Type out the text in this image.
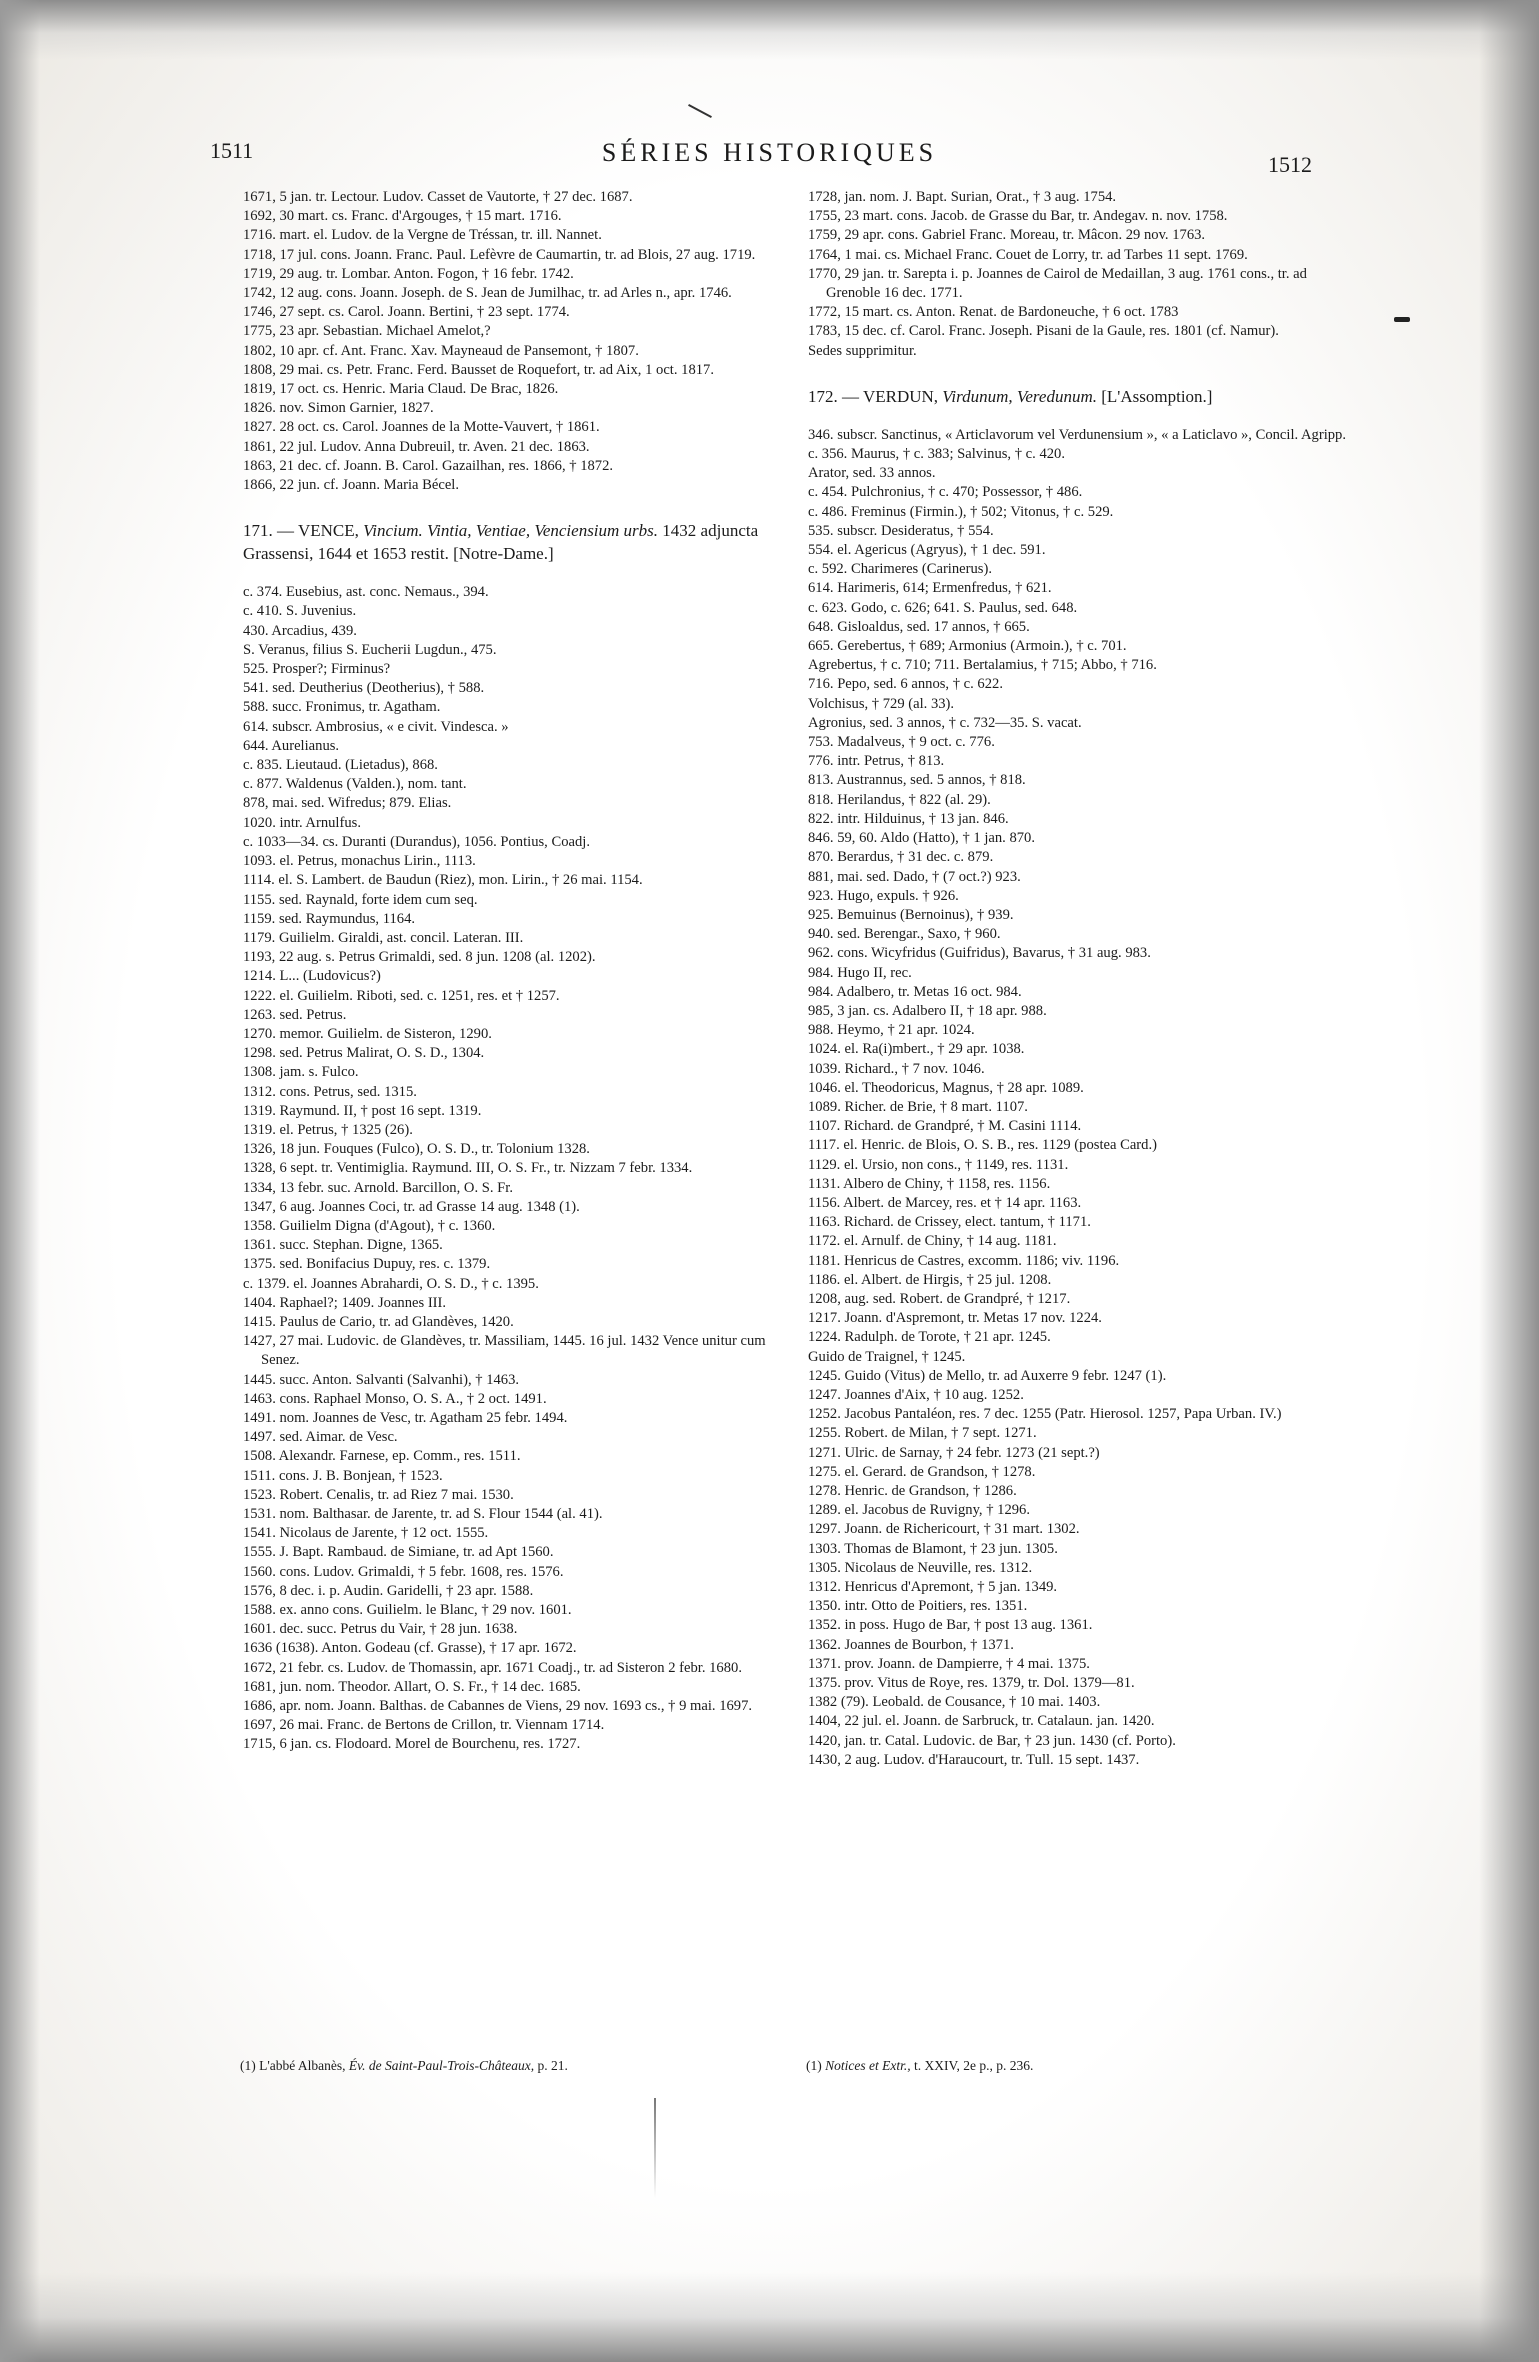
1511	SÉRIES HISTORIQUES	1512

1671, 5 jan. tr. Lectour. Ludov. Casset de Vautorte, † 27 dec. 1687.

1692, 30 mart. cs. Franc. d'Argouges, † 15 mart. 1716.

1716. mart. el. Ludov. de la Vergne de Tréssan, tr. ill. Nannet.

1718, 17 jul. cons. Joann. Franc. Paul. Lefèvre de Caumartin, tr. ad Blois, 27 aug. 1719.

1719, 29 aug. tr. Lombar. Anton. Fogon, † 16 febr. 1742.

1742, 12 aug. cons. Joann. Joseph. de S. Jean de Jumilhac, tr. ad Arles n., apr. 1746.

1746, 27 sept. cs. Carol. Joann. Bertini, † 23 sept. 1774.

1775, 23 apr. Sebastian. Michael Amelot,?

1802, 10 apr. cf. Ant. Franc. Xav. Mayneaud de Pansemont, † 1807.

1808, 29 mai. cs. Petr. Franc. Ferd. Bausset de Roquefort, tr. ad Aix, 1 oct. 1817.

1819, 17 oct. cs. Henric. Maria Claud. De Brac, 1826.

1826. nov. Simon Garnier, 1827.

1827. 28 oct. cs. Carol. Joannes de la Motte-Vauvert, † 1861.

1861, 22 jul. Ludov. Anna Dubreuil, tr. Aven. 21 dec. 1863.

1863, 21 dec. cf. Joann. B. Carol. Gazailhan, res. 1866, † 1872.

1866, 22 jun. cf. Joann. Maria Bécel.

171. — VENCE, Vincium. Vintia, Ventiae, Venciensium urbs. 1432 adjuncta Grassensi, 1644 et 1653 restit. [Notre-Dame.]

c. 374. Eusebius, ast. conc. Nemaus., 394.

c. 410. S. Juvenius.

430. Arcadius, 439.

S. Veranus, filius S. Eucherii Lugdun., 475.

525. Prosper?; Firminus?

541. sed. Deutherius (Deotherius), † 588.

588. succ. Fronimus, tr. Agatham.

614. subscr. Ambrosius, « e civit. Vindesca. »

644. Aurelianus.

c. 835. Lieutaud. (Lietadus), 868.

c. 877. Waldenus (Valden.), nom. tant.

878, mai. sed. Wifredus; 879. Elias.

1020. intr. Arnulfus.

c. 1033—34. cs. Duranti (Durandus), 1056. Pontius, Coadj.

1093. el. Petrus, monachus Lirin., 1113.

1114. el. S. Lambert. de Baudun (Riez), mon. Lirin., † 26 mai. 1154.

1155. sed. Raynald, forte idem cum seq.

1159. sed. Raymundus, 1164.

1179. Guilielm. Giraldi, ast. concil. Lateran. III.

1193, 22 aug. s. Petrus Grimaldi, sed. 8 jun. 1208 (al. 1202).

1214. L... (Ludovicus?)

1222. el. Guilielm. Riboti, sed. c. 1251, res. et † 1257.

1263. sed. Petrus.

1270. memor. Guilielm. de Sisteron, 1290.

1298. sed. Petrus Malirat, O. S. D., 1304.

1308. jam. s. Fulco.

1312. cons. Petrus, sed. 1315.

1319. Raymund. II, † post 16 sept. 1319.

1319. el. Petrus, † 1325 (26).

1326, 18 jun. Fouques (Fulco), O. S. D., tr. Tolonium 1328.

1328, 6 sept. tr. Ventimiglia. Raymund. III, O. S. Fr., tr. Nizzam 7 febr. 1334.

1334, 13 febr. suc. Arnold. Barcillon, O. S. Fr.

1347, 6 aug. Joannes Coci, tr. ad Grasse 14 aug. 1348 (1).

1358. Guilielm Digna (d'Agout), † c. 1360.

1361. succ. Stephan. Digne, 1365.

1375. sed. Bonifacius Dupuy, res. c. 1379.

c. 1379. el. Joannes Abrahardi, O. S. D., † c. 1395.

1404. Raphael?; 1409. Joannes III.

1415. Paulus de Cario, tr. ad Glandèves, 1420.

1427, 27 mai. Ludovic. de Glandèves, tr. Massiliam, 1445. 16 jul. 1432 Vence unitur cum Senez.

1445. succ. Anton. Salvanti (Salvanhi), † 1463.

1463. cons. Raphael Monso, O. S. A., † 2 oct. 1491.

1491. nom. Joannes de Vesc, tr. Agatham 25 febr. 1494.

1497. sed. Aimar. de Vesc.

1508. Alexandr. Farnese, ep. Comm., res. 1511.

1511. cons. J. B. Bonjean, † 1523.

1523. Robert. Cenalis, tr. ad Riez 7 mai. 1530.

1531. nom. Balthasar. de Jarente, tr. ad S. Flour 1544 (al. 41).

1541. Nicolaus de Jarente, † 12 oct. 1555.

1555. J. Bapt. Rambaud. de Simiane, tr. ad Apt 1560.

1560. cons. Ludov. Grimaldi, † 5 febr. 1608, res. 1576.

1576, 8 dec. i. p. Audin. Garidelli, † 23 apr. 1588.

1588. ex. anno cons. Guilielm. le Blanc, † 29 nov. 1601.

1601. dec. succ. Petrus du Vair, † 28 jun. 1638.

1636 (1638). Anton. Godeau (cf. Grasse), † 17 apr. 1672.

1672, 21 febr. cs. Ludov. de Thomassin, apr. 1671 Coadj., tr. ad Sisteron 2 febr. 1680.

1681, jun. nom. Theodor. Allart, O. S. Fr., † 14 dec. 1685.

1686, apr. nom. Joann. Balthas. de Cabannes de Viens, 29 nov. 1693 cs., † 9 mai. 1697.

1697, 26 mai. Franc. de Bertons de Crillon, tr. Viennam 1714.

1715, 6 jan. cs. Flodoard. Morel de Bourchenu, res. 1727.

1728, jan. nom. J. Bapt. Surian, Orat., † 3 aug. 1754.

1755, 23 mart. cons. Jacob. de Grasse du Bar, tr. Andegav. n. nov. 1758.

1759, 29 apr. cons. Gabriel Franc. Moreau, tr. Mâcon. 29 nov. 1763.

1764, 1 mai. cs. Michael Franc. Couet de Lorry, tr. ad Tarbes 11 sept. 1769.

1770, 29 jan. tr. Sarepta i. p. Joannes de Cairol de Medaillan, 3 aug. 1761 cons., tr. ad Grenoble 16 dec. 1771.

1772, 15 mart. cs. Anton. Renat. de Bardoneuche, † 6 oct. 1783

1783, 15 dec. cf. Carol. Franc. Joseph. Pisani de la Gaule, res. 1801 (cf. Namur).

Sedes supprimitur.

172. — VERDUN, Virdunum, Veredunum. [L'Assomption.]

346. subscr. Sanctinus, « Articlavorum vel Verdunensium », « a Laticlavo », Concil. Agripp.

c. 356. Maurus, † c. 383; Salvinus, † c. 420.

Arator, sed. 33 annos.

c. 454. Pulchronius, † c. 470; Possessor, † 486.

c. 486. Freminus (Firmin.), † 502; Vitonus, † c. 529.

535. subscr. Desideratus, † 554.

554. el. Agericus (Agryus), † 1 dec. 591.

c. 592. Charimeres (Carinerus).

614. Harimeris, 614; Ermenfredus, † 621.

c. 623. Godo, c. 626; 641. S. Paulus, sed. 648.

648. Gisloaldus, sed. 17 annos, † 665.

665. Gerebertus, † 689; Armonius (Armoin.), † c. 701.

Agrebertus, † c. 710; 711. Bertalamius, † 715; Abbo, † 716.

716. Pepo, sed. 6 annos, † c. 622.

Volchisus, † 729 (al. 33).

Agronius, sed. 3 annos, † c. 732—35. S. vacat.

753. Madalveus, † 9 oct. c. 776.

776. intr. Petrus, † 813.

813. Austrannus, sed. 5 annos, † 818.

818. Herilandus, † 822 (al. 29).

822. intr. Hilduinus, † 13 jan. 846.

846. 59, 60. Aldo (Hatto), † 1 jan. 870.

870. Berardus, † 31 dec. c. 879.

881, mai. sed. Dado, † (7 oct.?) 923.

923. Hugo, expuls. † 926.

925. Bemuinus (Bernoinus), † 939.

940. sed. Berengar., Saxo, † 960.

962. cons. Wicyfridus (Guifridus), Bavarus, † 31 aug. 983.

984. Hugo II, rec.

984. Adalbero, tr. Metas 16 oct. 984.

985, 3 jan. cs. Adalbero II, † 18 apr. 988.

988. Heymo, † 21 apr. 1024.

1024. el. Ra(i)mbert., † 29 apr. 1038.

1039. Richard., † 7 nov. 1046.

1046. el. Theodoricus, Magnus, † 28 apr. 1089.

1089. Richer. de Brie, † 8 mart. 1107.

1107. Richard. de Grandpré, † M. Casini 1114.

1117. el. Henric. de Blois, O. S. B., res. 1129 (postea Card.)

1129. el. Ursio, non cons., † 1149, res. 1131.

1131. Albero de Chiny, † 1158, res. 1156.

1156. Albert. de Marcey, res. et † 14 apr. 1163.

1163. Richard. de Crissey, elect. tantum, † 1171.

1172. el. Arnulf. de Chiny, † 14 aug. 1181.

1181. Henricus de Castres, excomm. 1186; viv. 1196.

1186. el. Albert. de Hirgis, † 25 jul. 1208.

1208, aug. sed. Robert. de Grandpré, † 1217.

1217. Joann. d'Aspremont, tr. Metas 17 nov. 1224.

1224. Radulph. de Torote, † 21 apr. 1245.

Guido de Traignel, † 1245.

1245. Guido (Vitus) de Mello, tr. ad Auxerre 9 febr. 1247 (1).

1247. Joannes d'Aix, † 10 aug. 1252.

1252. Jacobus Pantaléon, res. 7 dec. 1255 (Patr. Hierosol. 1257, Papa Urban. IV.)

1255. Robert. de Milan, † 7 sept. 1271.

1271. Ulric. de Sarnay, † 24 febr. 1273 (21 sept.?)

1275. el. Gerard. de Grandson, † 1278.

1278. Henric. de Grandson, † 1286.

1289. el. Jacobus de Ruvigny, † 1296.

1297. Joann. de Richericourt, † 31 mart. 1302.

1303. Thomas de Blamont, † 23 jun. 1305.

1305. Nicolaus de Neuville, res. 1312.

1312. Henricus d'Apremont, † 5 jan. 1349.

1350. intr. Otto de Poitiers, res. 1351.

1352. in poss. Hugo de Bar, † post 13 aug. 1361.

1362. Joannes de Bourbon, † 1371.

1371. prov. Joann. de Dampierre, † 4 mai. 1375.

1375. prov. Vitus de Roye, res. 1379, tr. Dol. 1379—81.

1382 (79). Leobald. de Cousance, † 10 mai. 1403.

1404, 22 jul. el. Joann. de Sarbruck, tr. Catalaun. jan. 1420.

1420, jan. tr. Catal. Ludovic. de Bar, † 23 jun. 1430 (cf. Porto).

1430, 2 aug. Ludov. d'Haraucourt, tr. Tull. 15 sept. 1437.

(1) L'abbé Albanès, Év. de Saint-Paul-Trois-Châteaux, p. 21.	(1) Notices et Extr., t. XXIV, 2e p., p. 236.
